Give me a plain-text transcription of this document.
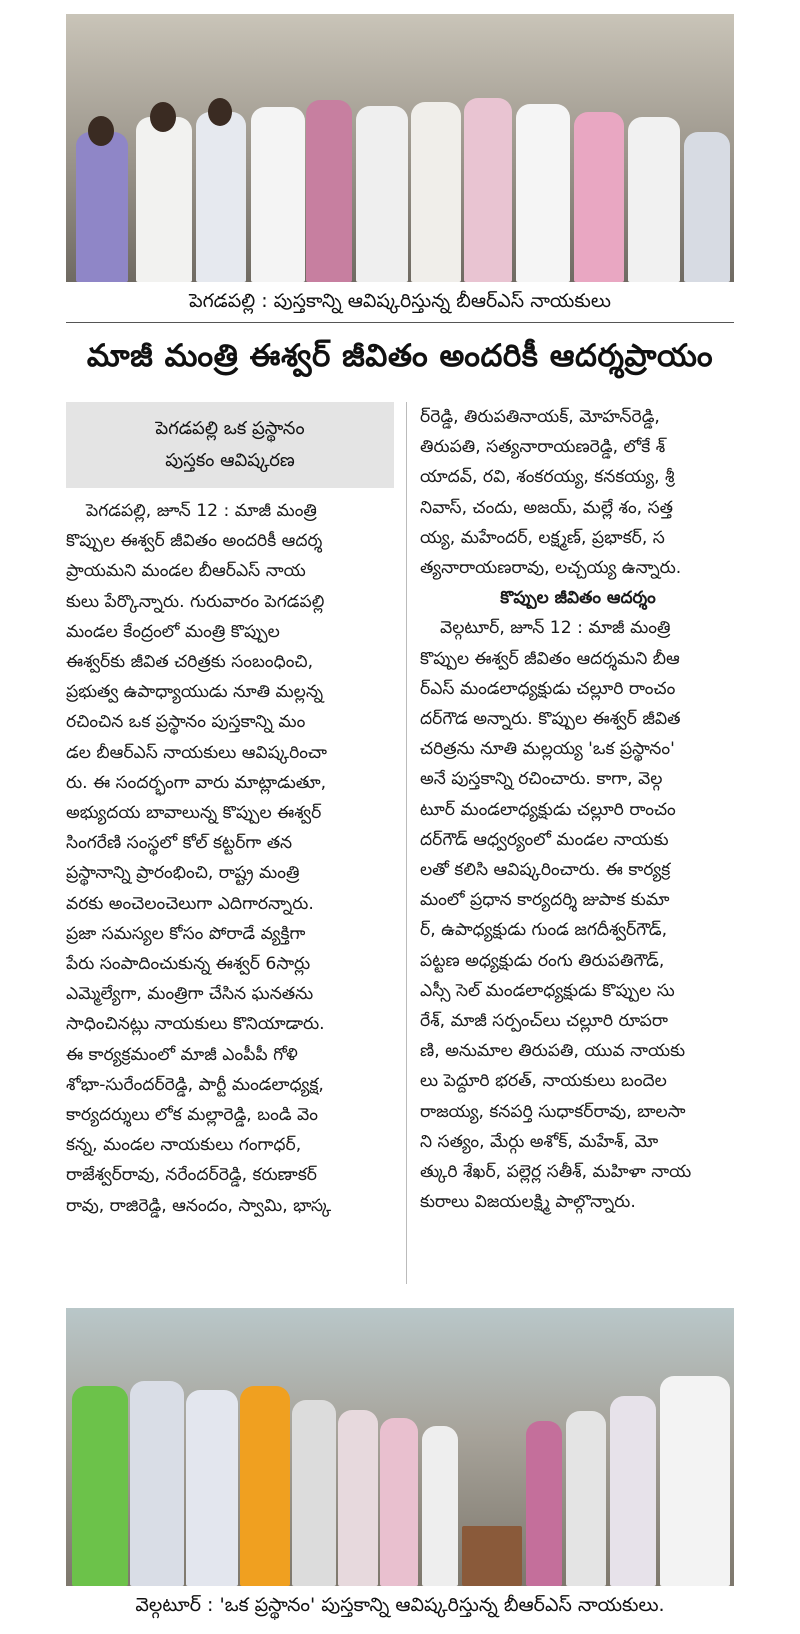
పెగడపల్లి : పుస్తకాన్ని ఆవిష్కరిస్తున్న బీఆర్ఎస్ నాయకులు
మాజీ మంత్రి ఈశ్వర్ జీవితం అందరికీ ఆదర్శప్రాయం
పెగడపల్లి ఒక ప్రస్థానం
పుస్తకం ఆవిష్కరణ
పెగడపల్లి, జూన్ 12 : మాజీ మంత్రి
కొప్పుల ఈశ్వర్ జీవితం అందరికీ ఆదర్శ
ప్రాయమని మండల బీఆర్ఎస్ నాయ
కులు పేర్కొన్నారు. గురువారం పెగడపల్లి
మండల కేంద్రంలో మంత్రి కొప్పుల
ఈశ్వర్‌కు జీవిత చరిత్రకు సంబంధించి,
ప్రభుత్వ ఉపాధ్యాయుడు నూతి మల్లన్న
రచించిన ఒక ప్రస్థానం పుస్తకాన్ని మం
డల బీఆర్ఎస్ నాయకులు ఆవిష్కరించా
రు. ఈ సందర్భంగా వారు మాట్లాడుతూ,
అభ్యుదయ బావాలున్న కొప్పుల ఈశ్వర్
సింగరేణి సంస్థలో కోల్ కట్టర్‌గా తన
ప్రస్థానాన్ని ప్రారంభించి, రాష్ట్ర మంత్రి
వరకు అంచెలంచెలుగా ఎదిగారన్నారు.
ప్రజా సమస్యల కోసం పోరాడే వ్యక్తిగా
పేరు సంపాదించుకున్న ఈశ్వర్ 6సార్లు
ఎమ్మెల్యేగా, మంత్రిగా చేసిన ఘనతను
సాధించినట్లు నాయకులు కొనియాడారు.
ఈ కార్యక్రమంలో మాజీ ఎంపీపీ గోళి
శోభా-సురేందర్‌రెడ్డి, పార్టీ మండలాధ్యక్ష,
కార్యదర్శులు లోక మల్లారెడ్డి, బండి వెం
కన్న, మండల నాయకులు గంగాధర్,
రాజేశ్వర్‌రావు, నరేందర్‌రెడ్డి, కరుణాకర్
రావు, రాజిరెడ్డి, ఆనందం, స్వామి, భాస్క
ర్‌రెడ్డి, తిరుపతినాయక్, మోహన్‌రెడ్డి,
తిరుపతి, సత్యనారాయణరెడ్డి, లోకే శ్
యాదవ్, రవి, శంకరయ్య, కనకయ్య, శ్రీ
నివాస్, చందు, అజయ్, మల్లే శం, సత్త
య్య, మహేందర్, లక్ష్మణ్, ప్రభాకర్, స
త్యనారాయణరావు, లచ్చయ్య ఉన్నారు.
కొప్పుల జీవితం ఆదర్శం
వెల్గటూర్, జూన్ 12 : మాజీ మంత్రి
కొప్పుల ఈశ్వర్ జీవితం ఆదర్శమని బీఆ
ర్ఎస్ మండలాధ్యక్షుడు చల్లూరి రాంచం
దర్‌గౌడ అన్నారు. కొప్పుల ఈశ్వర్ జీవిత
చరిత్రను నూతి మల్లయ్య 'ఒక ప్రస్థానం'
అనే పుస్తకాన్ని రచించారు. కాగా, వెల్గ
టూర్ మండలాధ్యక్షుడు చల్లూరి రాంచం
దర్‌గౌడ్ ఆధ్వర్యంలో మండల నాయకు
లతో కలిసి ఆవిష్కరించారు. ఈ కార్యక్ర
మంలో ప్రధాన కార్యదర్శి జుపాక కుమా
ర్, ఉపాధ్యక్షుడు గుండ జగదీశ్వర్‌గౌడ్,
పట్టణ అధ్యక్షుడు రంగు తిరుపతిగౌడ్,
ఎస్సీ సెల్ మండలాధ్యక్షుడు కొప్పుల సు
రేశ్, మాజీ సర్పంచ్‌లు చల్లూరి రూపరా
ణి, అనుమాల తిరుపతి, యువ నాయకు
లు పెద్దూరి భరత్, నాయకులు బందెల
రాజయ్య, కనపర్తి సుధాకర్‌రావు, బాలసా
ని సత్యం, మేర్గు అశోక్, మహేశ్, మో
త్కురి శేఖర్, పల్లెర్ల సతీశ్, మహిళా నాయ
కురాలు విజయలక్ష్మి పాల్గొన్నారు.
వెల్గటూర్ : 'ఒక ప్రస్థానం' పుస్తకాన్ని ఆవిష్కరిస్తున్న బీఆర్ఎస్ నాయకులు.
